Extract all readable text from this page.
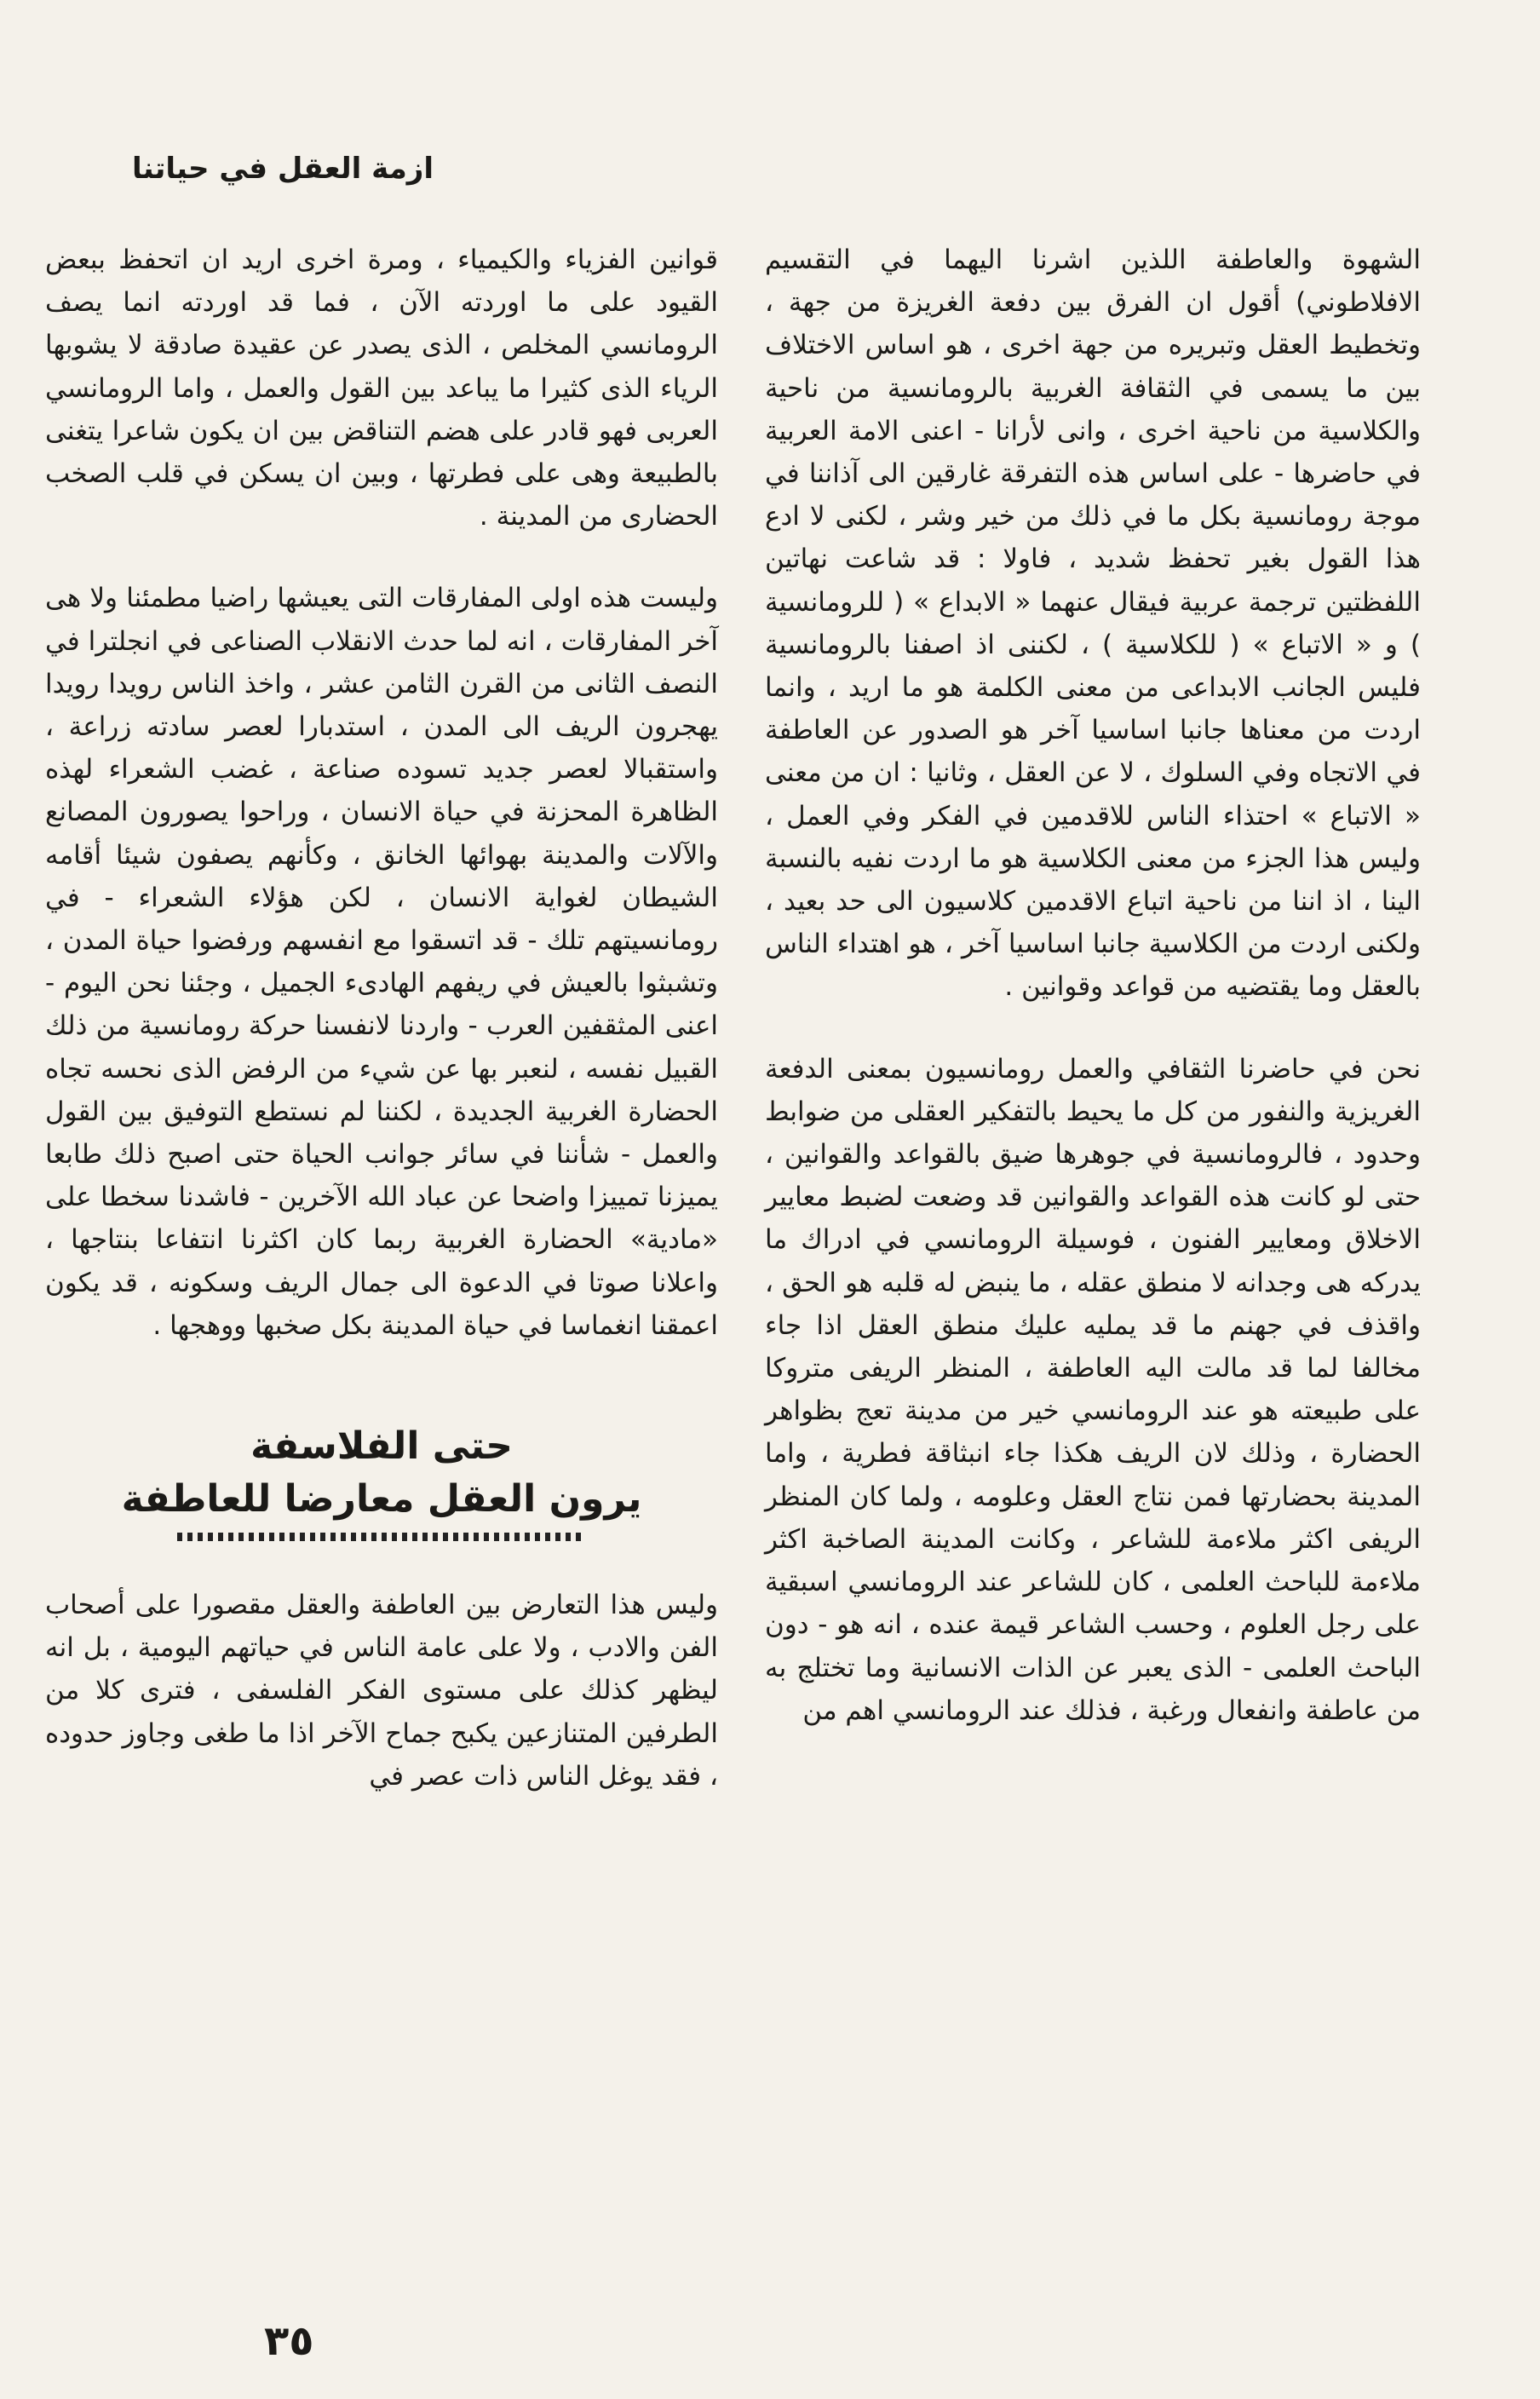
ازمة العقل في حياتنا

الشهوة والعاطفة اللذين اشرنا اليهما في التقسيم الافلاطوني) أقول ان الفرق بين دفعة الغريزة من جهة ، وتخطيط العقل وتبريره من جهة اخرى ، هو اساس الاختلاف بين ما يسمى في الثقافة الغربية بالرومانسية من ناحية والكلاسية من ناحية اخرى ، وانى لأرانا - اعنى الامة العربية في حاضرها - على اساس هذه التفرقة غارقين الى آذاننا في موجة رومانسية بكل ما في ذلك من خير وشر ، لكنى لا ادع هذا القول بغير تحفظ شديد ، فاولا : قد شاعت نهاتين اللفظتين ترجمة عربية فيقال عنهما « الابداع » ( للرومانسية ) و « الاتباع » ( للكلاسية ) ، لكننى اذ اصفنا بالرومانسية فليس الجانب الابداعى من معنى الكلمة هو ما اريد ، وانما اردت من معناها جانبا اساسيا آخر هو الصدور عن العاطفة في الاتجاه وفي السلوك ، لا عن العقل ، وثانيا : ان من معنى « الاتباع » احتذاء الناس للاقدمين في الفكر وفي العمل ، وليس هذا الجزء من معنى الكلاسية هو ما اردت نفيه بالنسبة الينا ، اذ اننا من ناحية اتباع الاقدمين كلاسيون الى حد بعيد ، ولكنى اردت من الكلاسية جانبا اساسيا آخر ، هو اهتداء الناس بالعقل وما يقتضيه من قواعد وقوانين .

نحن في حاضرنا الثقافي والعمل رومانسيون بمعنى الدفعة الغريزية والنفور من كل ما يحيط بالتفكير العقلى من ضوابط وحدود ، فالرومانسية في جوهرها ضيق بالقواعد والقوانين ، حتى لو كانت هذه القواعد والقوانين قد وضعت لضبط معايير الاخلاق ومعايير الفنون ، فوسيلة الرومانسي في ادراك ما يدركه هى وجدانه لا منطق عقله ، ما ينبض له قلبه هو الحق ، واقذف في جهنم ما قد يمليه عليك منطق العقل اذا جاء مخالفا لما قد مالت اليه العاطفة ، المنظر الريفى متروكا على طبيعته هو عند الرومانسي خير من مدينة تعج بظواهر الحضارة ، وذلك لان الريف هكذا جاء انبثاقة فطرية ، واما المدينة بحضارتها فمن نتاج العقل وعلومه ، ولما كان المنظر الريفى اكثر ملاءمة للشاعر ، وكانت المدينة الصاخبة اكثر ملاءمة للباحث العلمى ، كان للشاعر عند الرومانسي اسبقية على رجل العلوم ، وحسب الشاعر قيمة عنده ، انه هو - دون الباحث العلمى - الذى يعبر عن الذات الانسانية وما تختلج به من عاطفة وانفعال ورغبة ، فذلك عند الرومانسي اهم من

قوانين الفزياء والكيمياء ، ومرة اخرى اريد ان اتحفظ ببعض القيود على ما اوردته الآن ، فما قد اوردته انما يصف الرومانسي المخلص ، الذى يصدر عن عقيدة صادقة لا يشوبها الرياء الذى كثيرا ما يباعد بين القول والعمل ، واما الرومانسي العربى فهو قادر على هضم التناقض بين ان يكون شاعرا يتغنى بالطبيعة وهى على فطرتها ، وبين ان يسكن في قلب الصخب الحضارى من المدينة .

وليست هذه اولى المفارقات التى يعيشها راضيا مطمئنا ولا هى آخر المفارقات ، انه لما حدث الانقلاب الصناعى في انجلترا في النصف الثانى من القرن الثامن عشر ، واخذ الناس رويدا رويدا يهجرون الريف الى المدن ، استدبارا لعصر سادته زراعة ، واستقبالا لعصر جديد تسوده صناعة ، غضب الشعراء لهذه الظاهرة المحزنة في حياة الانسان ، وراحوا يصورون المصانع والآلات والمدينة بهوائها الخانق ، وكأنهم يصفون شيئا أقامه الشيطان لغواية الانسان ، لكن هؤلاء الشعراء - في رومانسيتهم تلك - قد اتسقوا مع انفسهم ورفضوا حياة المدن ، وتشبثوا بالعيش في ريفهم الهادىء الجميل ، وجئنا نحن اليوم - اعنى المثقفين العرب - واردنا لانفسنا حركة رومانسية من ذلك القبيل نفسه ، لنعبر بها عن شيء من الرفض الذى نحسه تجاه الحضارة الغربية الجديدة ، لكننا لم نستطع التوفيق بين القول والعمل - شأننا في سائر جوانب الحياة حتى اصبح ذلك طابعا يميزنا تمييزا واضحا عن عباد الله الآخرين - فاشدنا سخطا على «مادية» الحضارة الغربية ربما كان اكثرنا انتفاعا بنتاجها ، واعلانا صوتا في الدعوة الى جمال الريف وسكونه ، قد يكون اعمقنا انغماسا في حياة المدينة بكل صخبها ووهجها .

حتى الفلاسفة
يرون العقل معارضا للعاطفة

وليس هذا التعارض بين العاطفة والعقل مقصورا على أصحاب الفن والادب ، ولا على عامة الناس في حياتهم اليومية ، بل انه ليظهر كذلك على مستوى الفكر الفلسفى ، فترى كلا من الطرفين المتنازعين يكبح جماح الآخر اذا ما طغى وجاوز حدوده ، فقد يوغل الناس ذات عصر في

٣٥
